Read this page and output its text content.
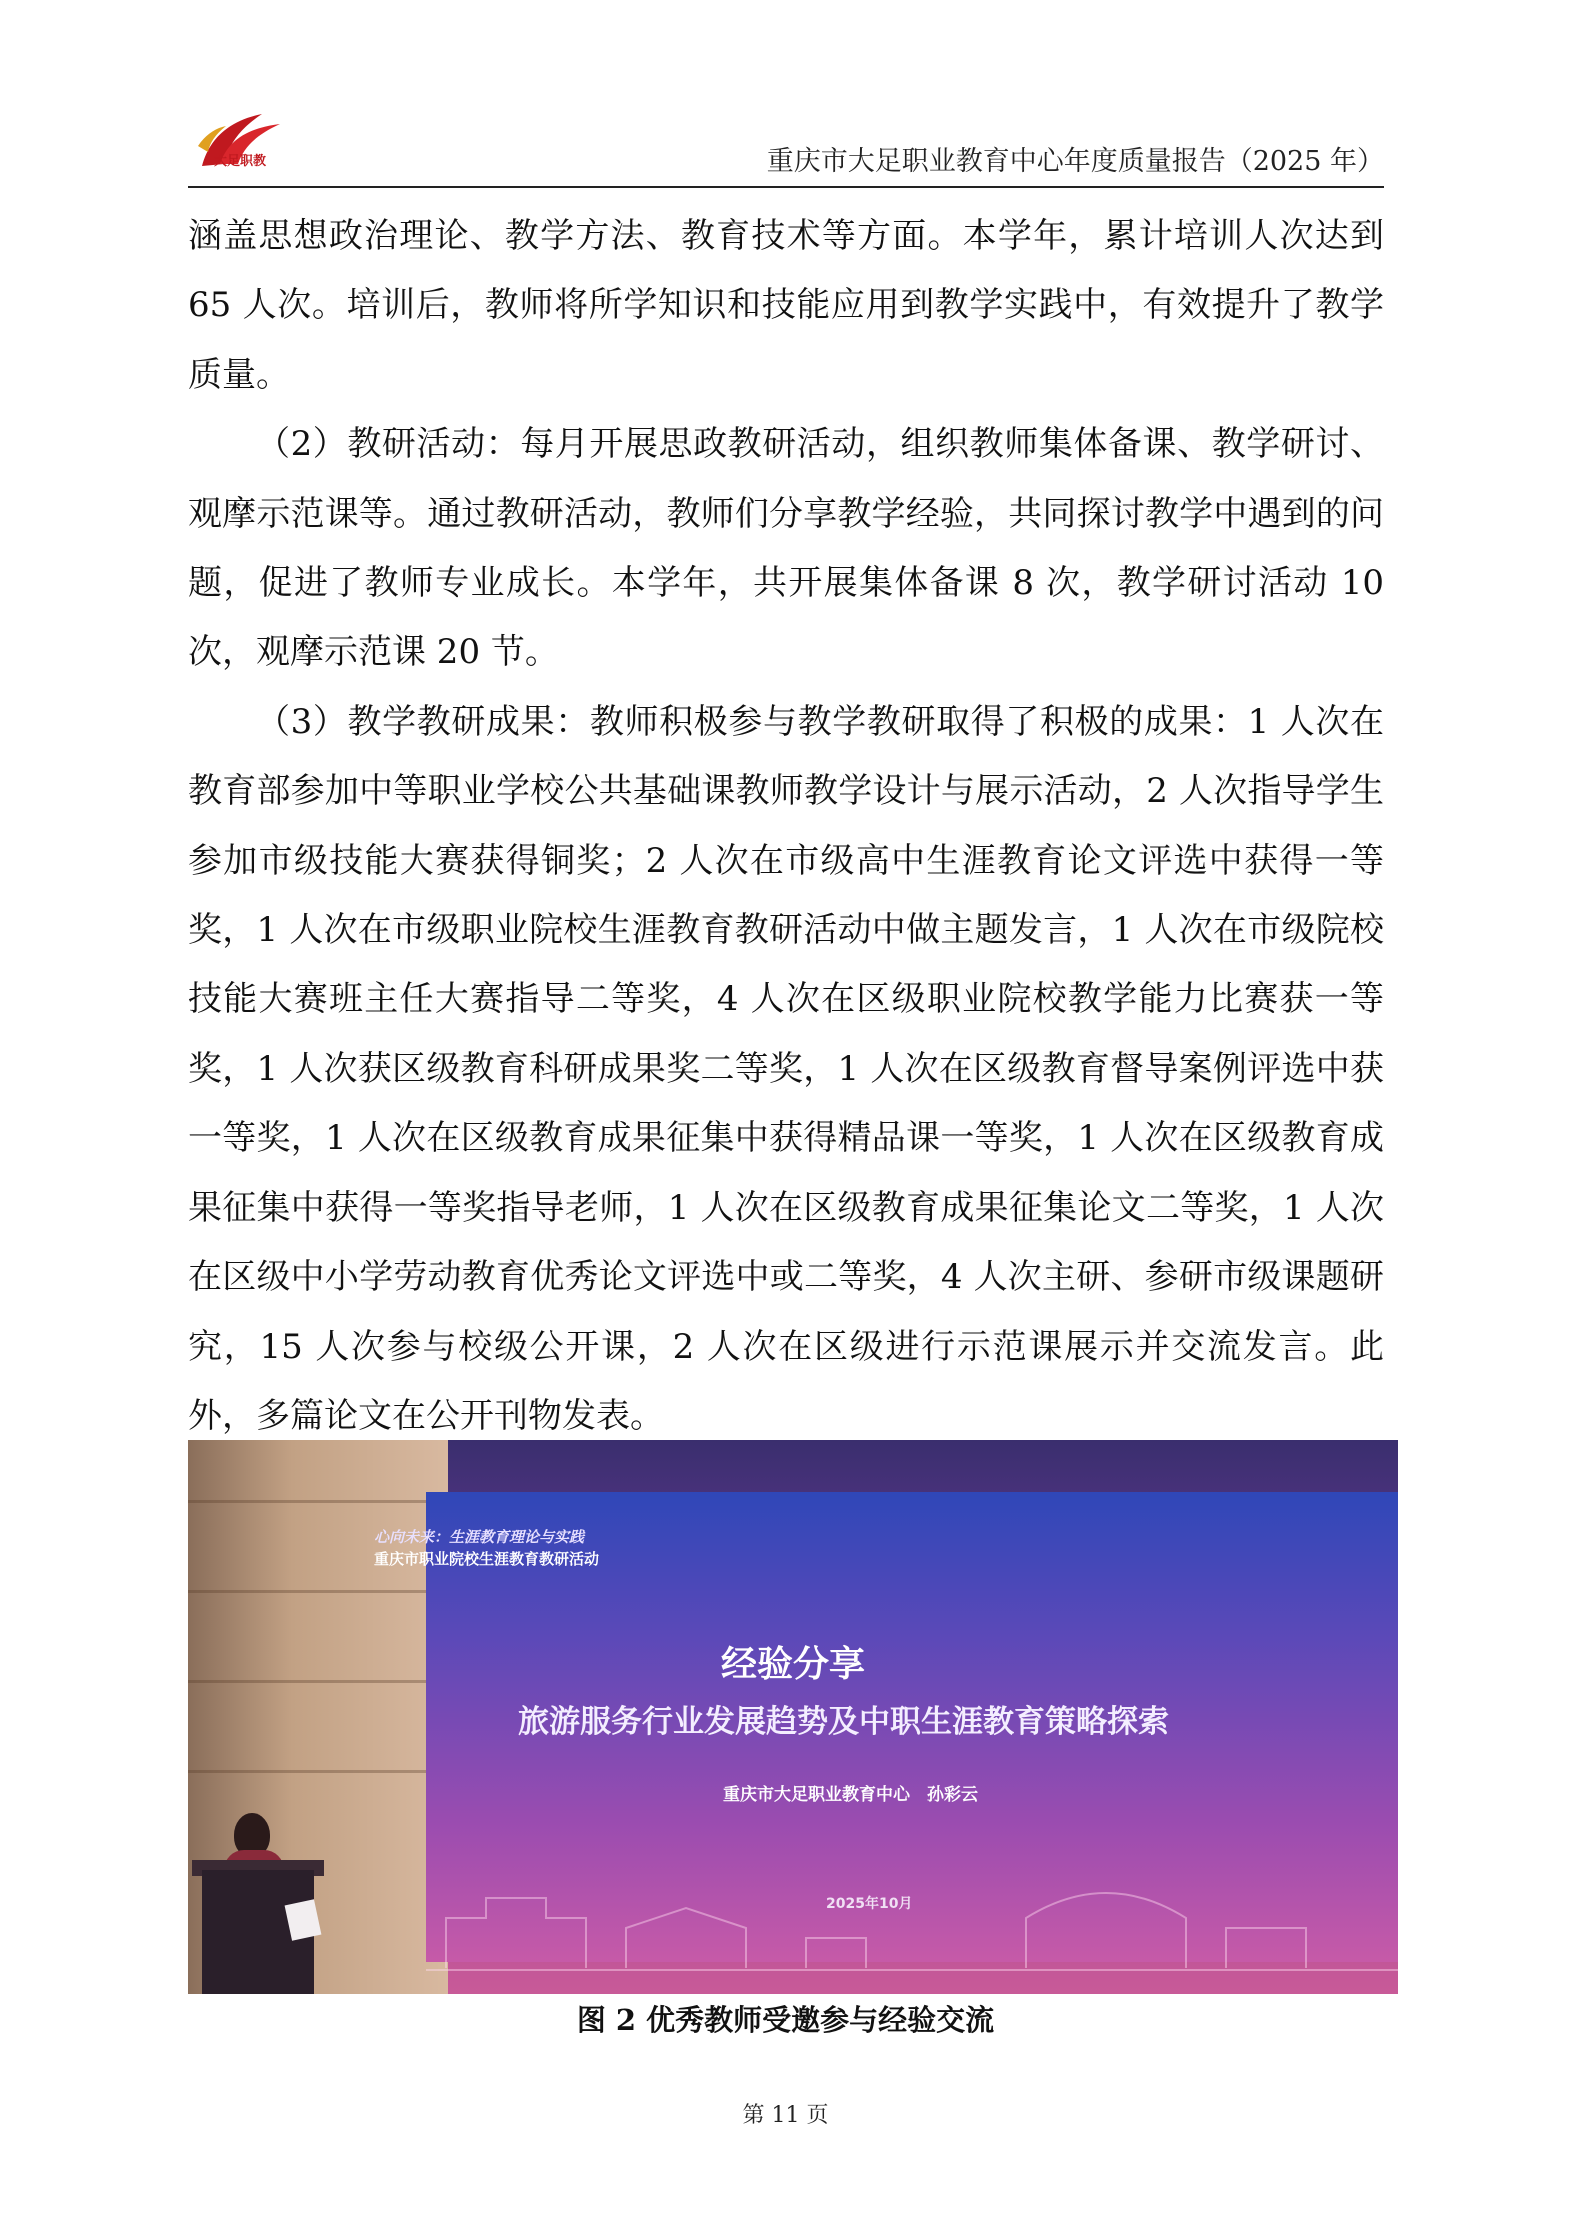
大足职教	重庆市大足职业教育中心年度质量报告（2025 年）

涵盖思想政治理论、教学方法、教育技术等方面。本学年，累计培训人次达到 65 人次。培训后，教师将所学知识和技能应用到教学实践中，有效提升了教学质量。

（2）教研活动：每月开展思政教研活动，组织教师集体备课、教学研讨、观摩示范课等。通过教研活动，教师们分享教学经验，共同探讨教学中遇到的问题，促进了教师专业成长。本学年，共开展集体备课 8 次，教学研讨活动 10 次，观摩示范课 20 节。

（3）教学教研成果：教师积极参与教学教研取得了积极的成果：1 人次在教育部参加中等职业学校公共基础课教师教学设计与展示活动，2 人次指导学生参加市级技能大赛获得铜奖；2 人次在市级高中生涯教育论文评选中获得一等奖，1 人次在市级职业院校生涯教育教研活动中做主题发言，1 人次在市级院校技能大赛班主任大赛指导二等奖，4 人次在区级职业院校教学能力比赛获一等奖，1 人次获区级教育科研成果奖二等奖，1 人次在区级教育督导案例评选中获一等奖，1 人次在区级教育成果征集中获得精品课一等奖，1 人次在区级教育成果征集中获得一等奖指导老师，1 人次在区级教育成果征集论文二等奖，1 人次在区级中小学劳动教育优秀论文评选中或二等奖，4 人次主研、参研市级课题研究，15 人次参与校级公开课，2 人次在区级进行示范课展示并交流发言。此外，多篇论文在公开刊物发表。

心向未来：生涯教育理论与实践
重庆市职业院校生涯教育教研活动
经验分享
旅游服务行业发展趋势及中职生涯教育策略探索
重庆市大足职业教育中心　孙彩云
2025年10月
图 2 优秀教师受邀参与经验交流
第 11 页
